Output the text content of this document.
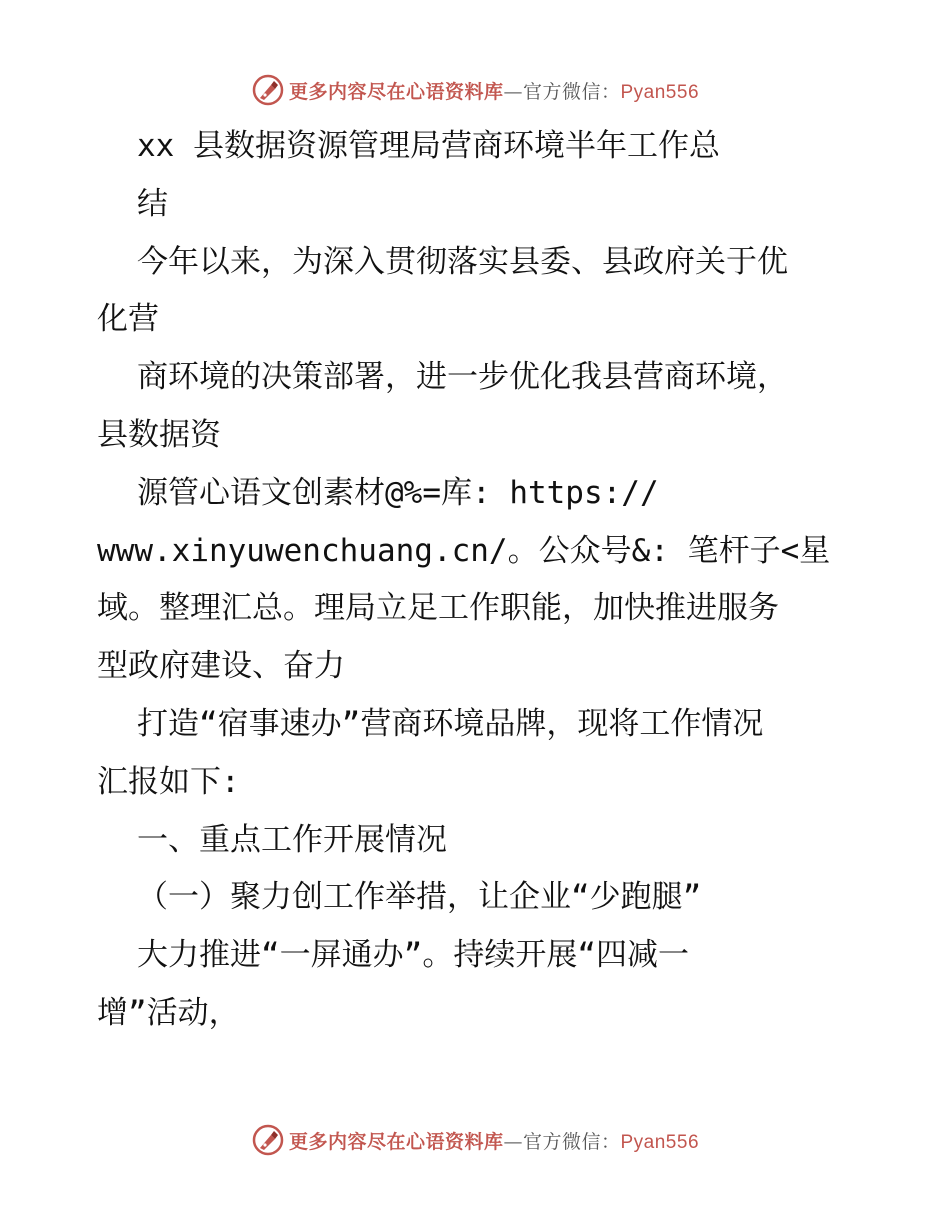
更多内容尽在心语资料库—官方微信：Pyan556
xx 县数据资源管理局营商环境半年工作总
结
今年以来，为深入贯彻落实县委、县政府关于优
化营
商环境的决策部署，进一步优化我县营商环境，
县数据资
源管心语文创素材@%=库: https://
www.xinyuwenchuang.cn/。公众号&: 笔杆子<星
域。整理汇总。理局立足工作职能，加快推进服务
型政府建设、奋力
打造“宿事速办”营商环境品牌，现将工作情况
汇报如下:
一、重点工作开展情况
（一）聚力创工作举措，让企业“少跑腿”
大力推进“一屏通办”。持续开展“四减一
增”活动，
更多内容尽在心语资料库—官方微信：Pyan556
